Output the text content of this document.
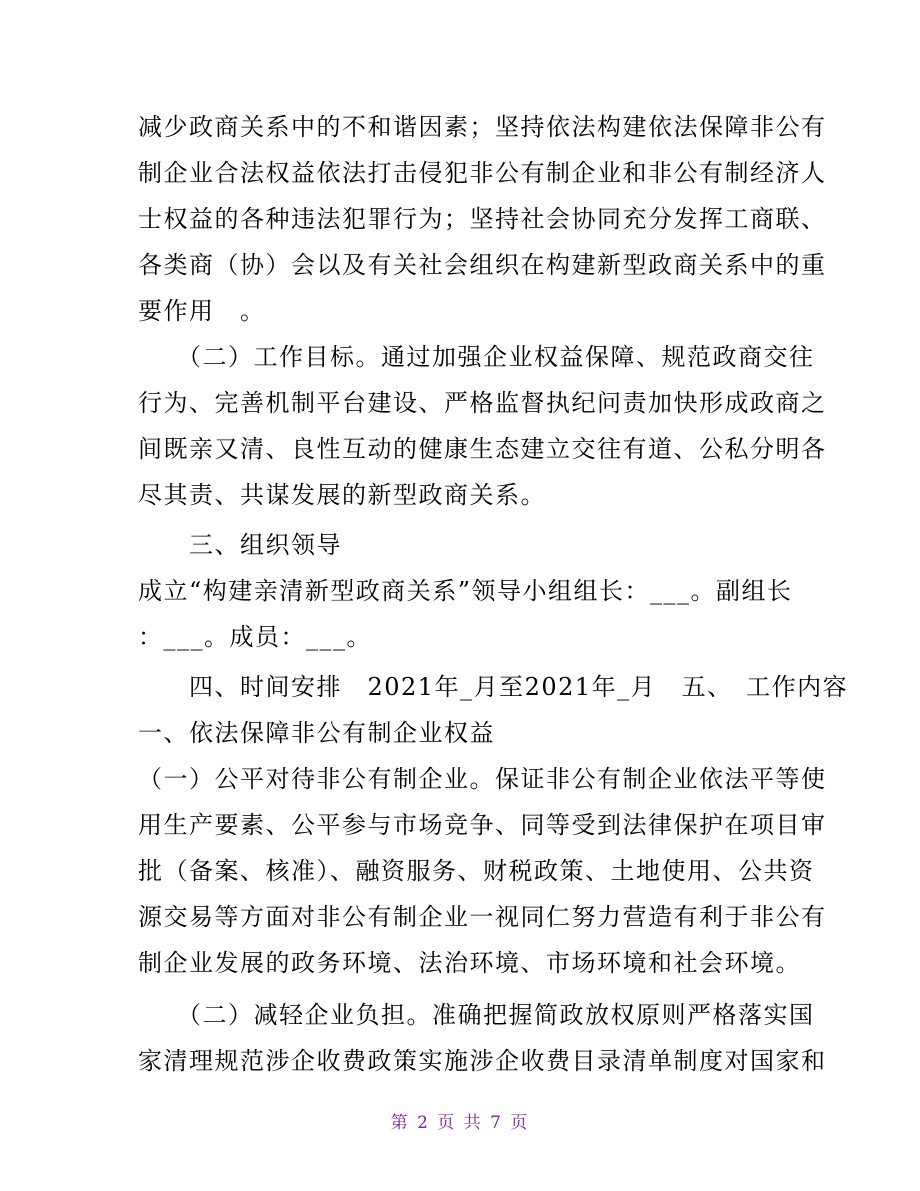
减少政商关系中的不和谐因素；坚持依法构建依法保障非公有
制企业合法权益依法打击侵犯非公有制企业和非公有制经济人
士权益的各种违法犯罪行为；坚持社会协同充分发挥工商联、
各类商（协）会以及有关社会组织在构建新型政商关系中的重
要作用　。
　　（二）工作目标。通过加强企业权益保障、规范政商交往
行为、完善机制平台建设、严格监督执纪问责加快形成政商之
间既亲又清、良性互动的健康生态建立交往有道、公私分明各
尽其责、共谋发展的新型政商关系。
　　三、组织领导
成立“构建亲清新型政商关系”领导小组组长：___。副组长
：___。成员：___。
　　四、时间安排　2021年_月至2021年_月　五、　工作内容
一、依法保障非公有制企业权益
（一）公平对待非公有制企业。保证非公有制企业依法平等使
用生产要素、公平参与市场竞争、同等受到法律保护在项目审
批（备案、核准）、融资服务、财税政策、土地使用、公共资
源交易等方面对非公有制企业一视同仁努力营造有利于非公有
制企业发展的政务环境、法治环境、市场环境和社会环境。
　　（二）减轻企业负担。准确把握简政放权原则严格落实国
家清理规范涉企收费政策实施涉企收费目录清单制度对国家和
第 2 页 共 7 页
